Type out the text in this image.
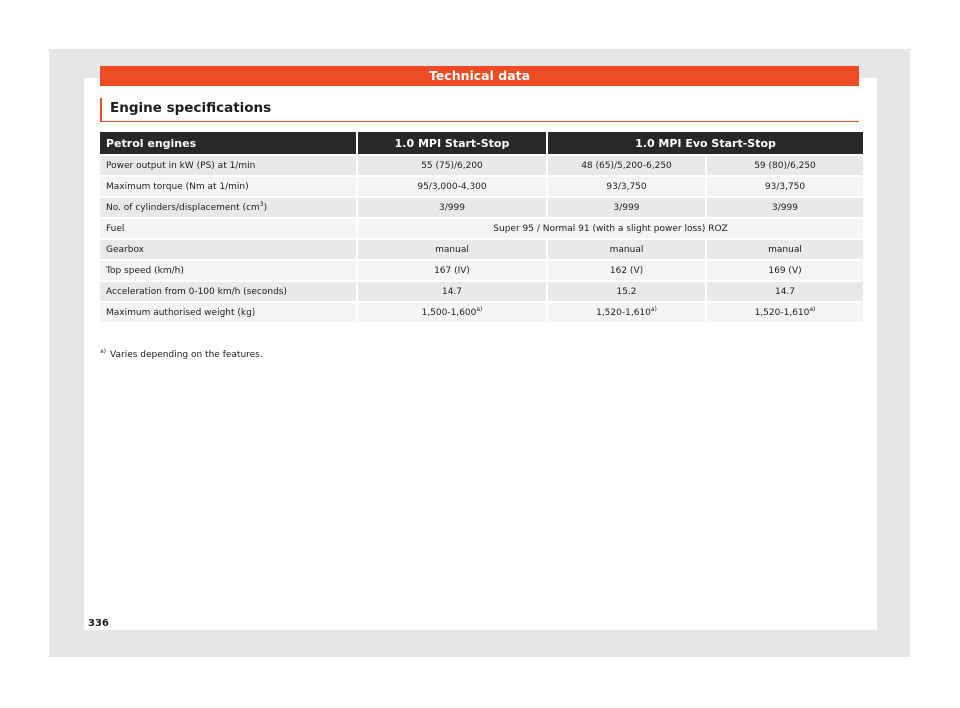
Technical data
Engine specifications
Petrol engines	1.0 MPI Start-Stop	1.0 MPI Evo Start-Stop	
Power output in kW (PS) at 1/min	55 (75)/6,200	48 (65)/5,200-6,250	59 (80)/6,250
Maximum torque (Nm at 1/min)	95/3,000-4,300	93/3,750	93/3,750
No. of cylinders/displacement $(cm^3)$	3/999	3/999	3/999
Fuel	Super 95 / Normal 91 (with a slight power loss) ROZ		
Gearbox	manual	manual	manual
Top speed (km/h)	167 (IV)	162 (V)	169 (V)
Acceleration from 0-100 km/h (seconds)	14.7	15.2	14.7
Maximum authorised weight (kg)	1,500-1,600$^{a)}$	1,520-1,610$^{a)}$	1,520-1,610$^{a)}$
$^{a)}$ Varies depending on the features.
336
